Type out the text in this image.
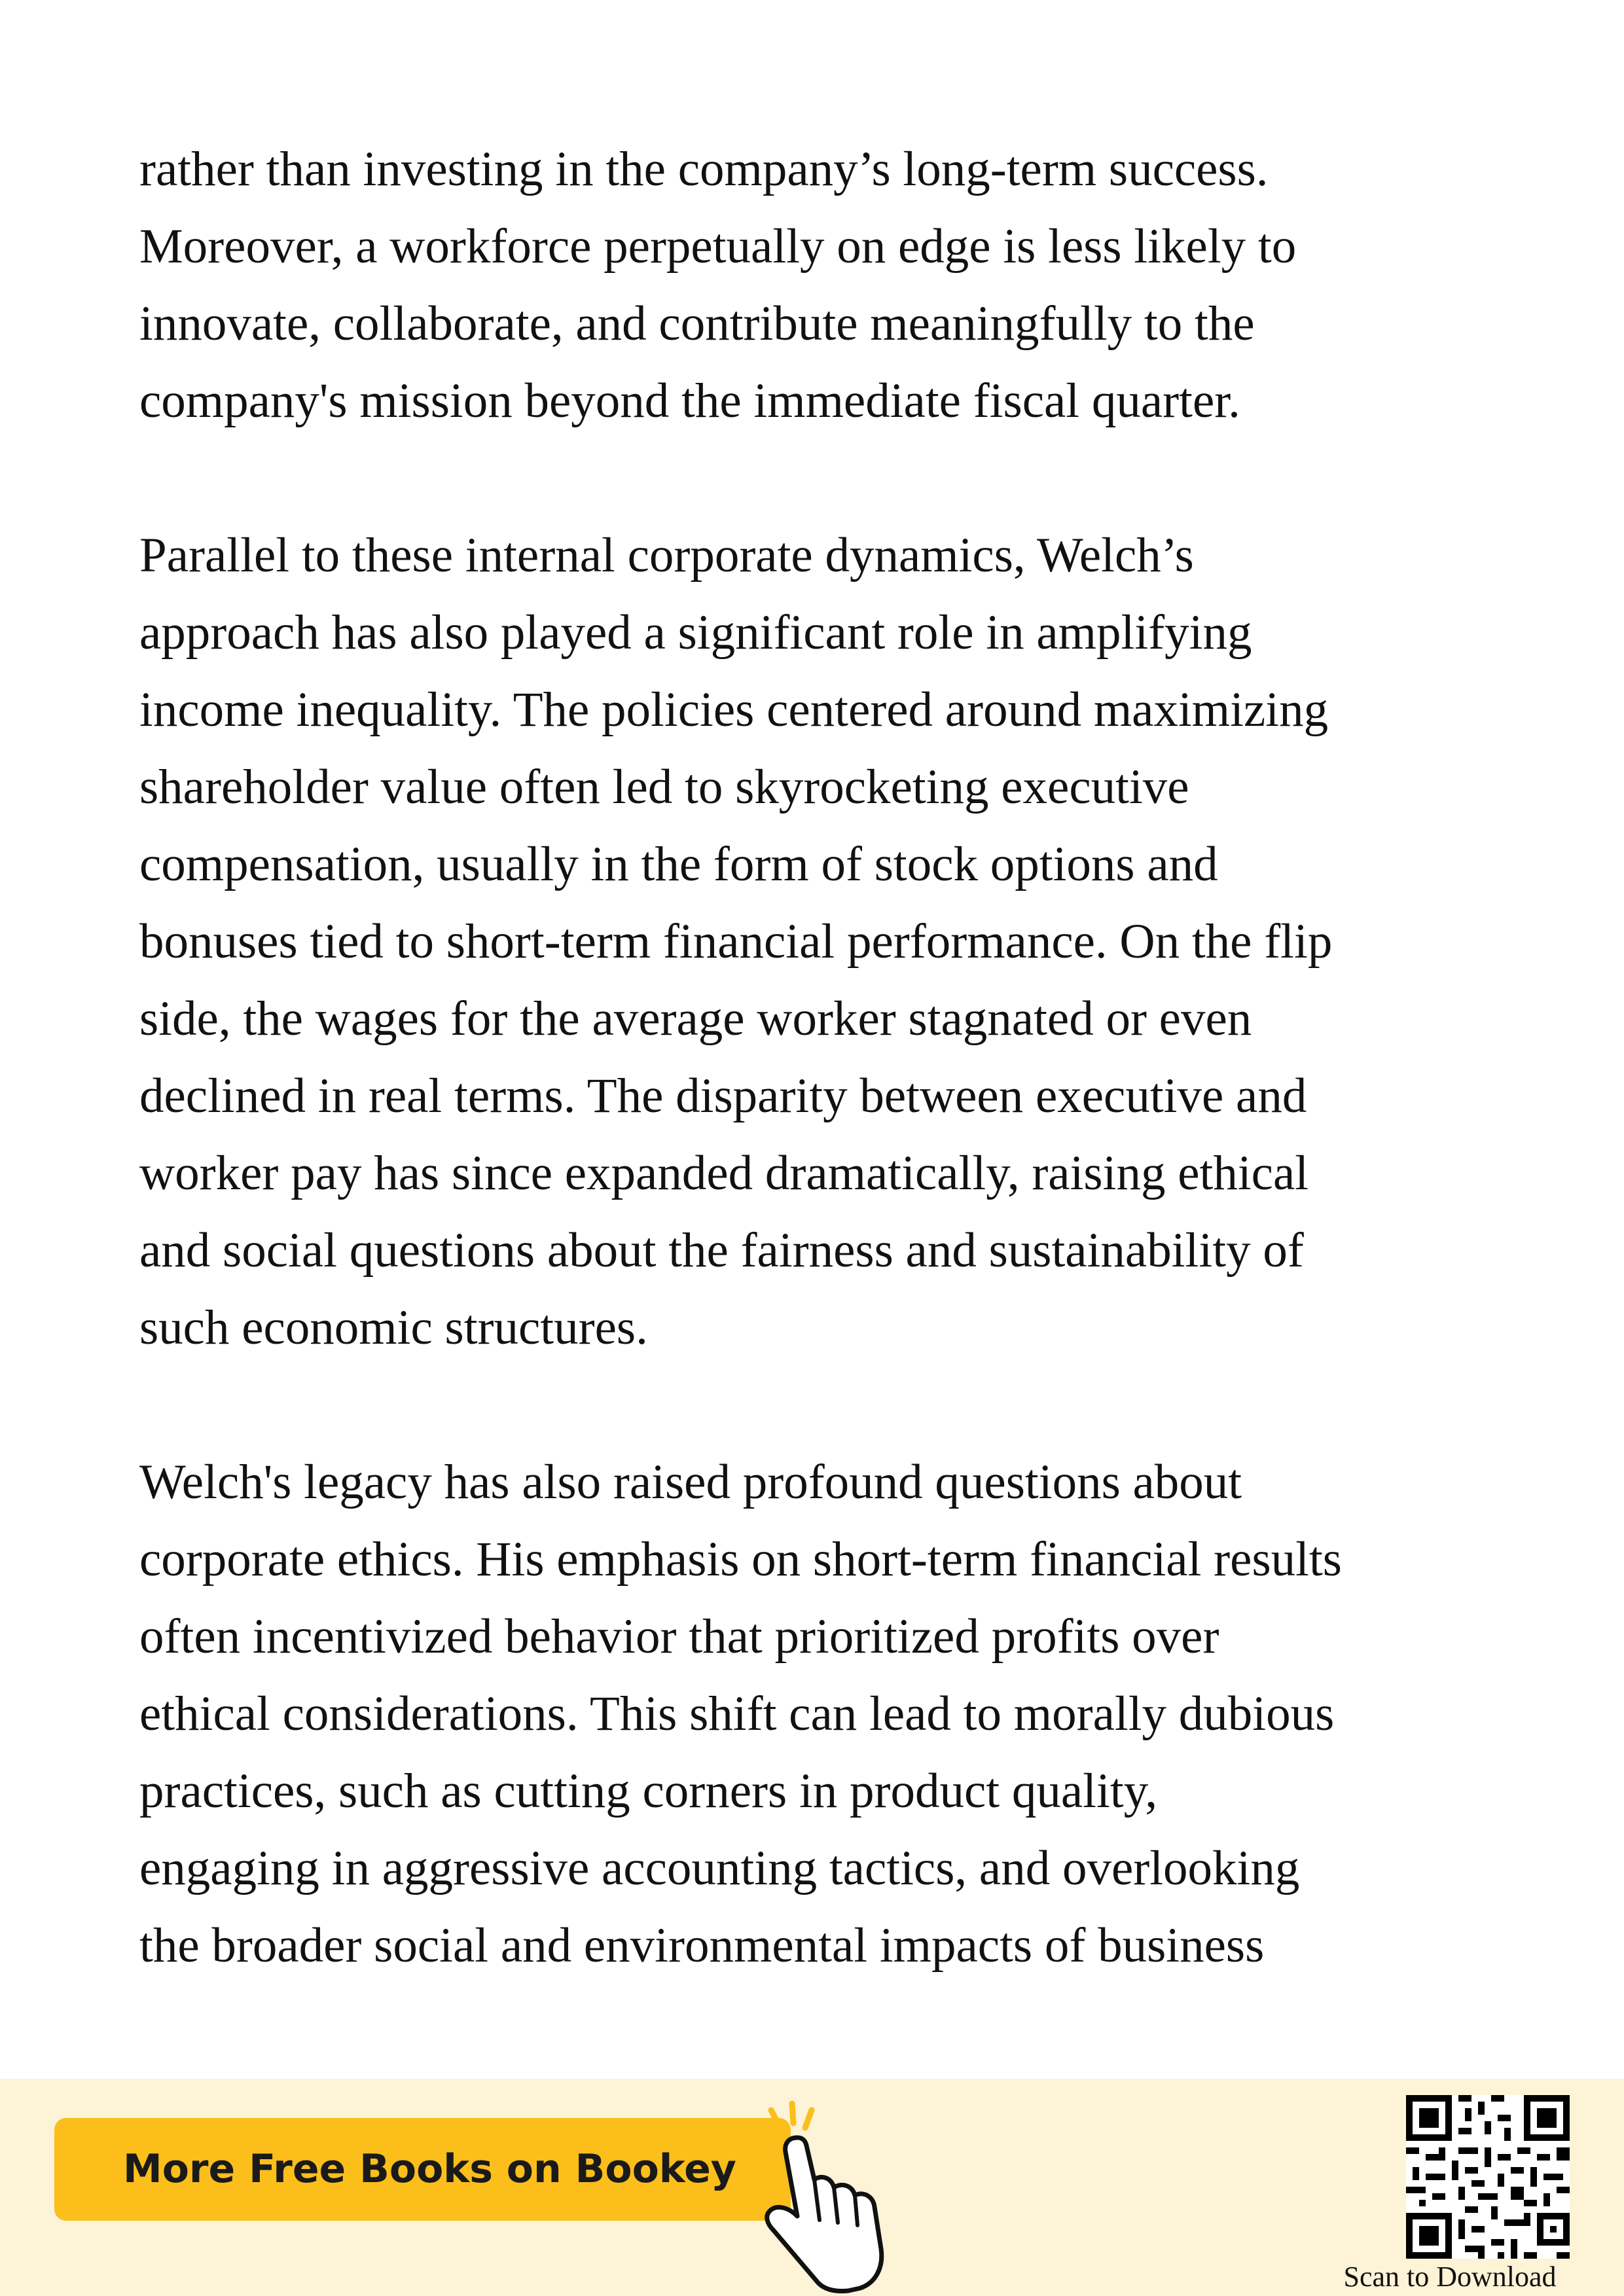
rather than investing in the company’s long-term success.
Moreover, a workforce perpetually on edge is less likely to
innovate, collaborate, and contribute meaningfully to the
company's mission beyond the immediate fiscal quarter.

Parallel to these internal corporate dynamics, Welch’s
approach has also played a significant role in amplifying
income inequality. The policies centered around maximizing
shareholder value often led to skyrocketing executive
compensation, usually in the form of stock options and
bonuses tied to short-term financial performance. On the flip
side, the wages for the average worker stagnated or even
declined in real terms. The disparity between executive and
worker pay has since expanded dramatically, raising ethical
and social questions about the fairness and sustainability of
such economic structures.

Welch's legacy has also raised profound questions about
corporate ethics. His emphasis on short-term financial results
often incentivized behavior that prioritized profits over
ethical considerations. This shift can lead to morally dubious
practices, such as cutting corners in product quality,
engaging in aggressive accounting tactics, and overlooking
the broader social and environmental impacts of business

More Free Books on Bookey
Scan to Download
